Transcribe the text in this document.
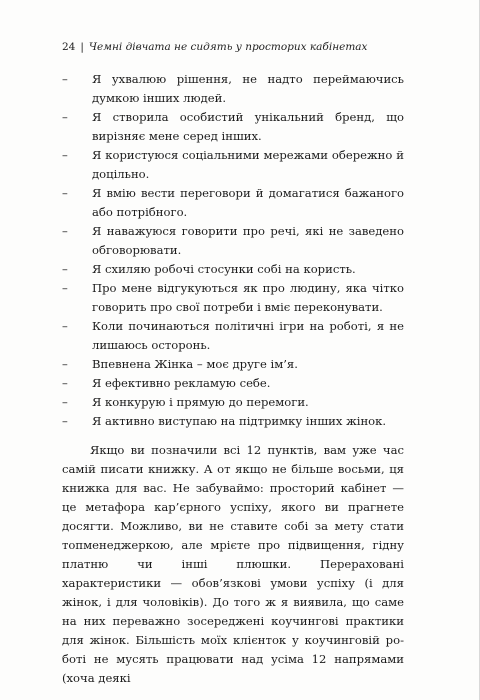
24 | Чемні дівчата не сидять у просторих кабінетах
– Я ухвалюю рішення, не надто переймаючись думкою інших людей.
– Я створила особистий унікальний бренд, що вирізняє мене серед інших.
– Я користуюся соціальними мережами обережно й доцільно.
– Я вмію вести переговори й домагатися бажаного або потрібного.
– Я наважуюся говорити про речі, які не заведено обговорювати.
– Я схиляю робочі стосунки собі на користь.
– Про мене відгукуються як про людину, яка чітко говорить про свої потреби і вміє переконувати.
– Коли починаються політичні ігри на роботі, я не лишаюсь осторонь.
– Впевнена Жінка – моє друге ім’я.
– Я ефективно рекламую себе.
– Я конкурую і прямую до перемоги.
– Я активно виступаю на підтримку інших жінок.

Якщо ви позначили всі 12 пунктів, вам уже час самій писати книжку. А от якщо не більше восьми, ця книжка для вас. Не забуваймо: просторий кабінет — це метафора кар’єрного успіху, якого ви прагнете досягти. Можливо, ви не ставите собі за мету стати топменеджеркою, але мрієте про підвищення, гідну платню чи інші плюшки. Перераховані характеристики — обов’язкові умови успіху (і для жінок, і для чоловіків). До того ж я виявила, що саме на них переважно зосереджені коучингові практики для жінок. Більшість моїх клієнток у коучинговій роботі не мусять працювати над усіма 12 напрямами (хоча деякі
